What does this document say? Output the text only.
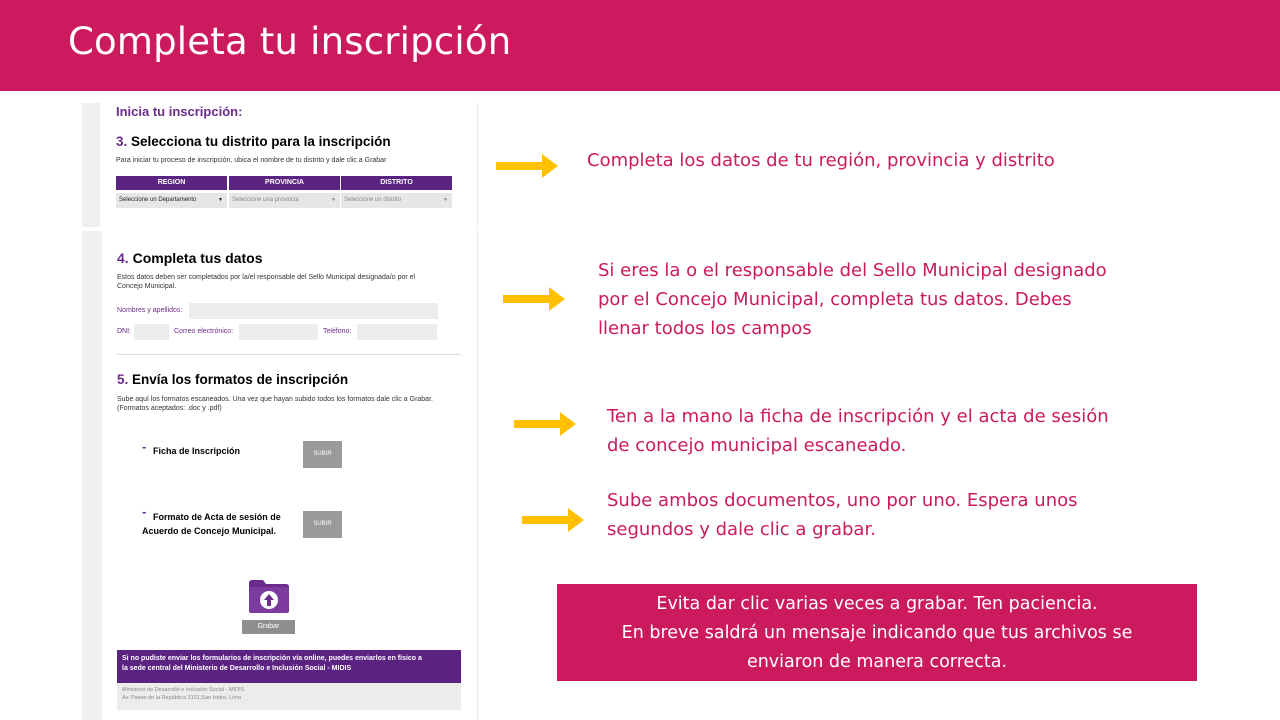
Completa tu inscripción
Inicia tu inscripción:
3. Selecciona tu distrito para la inscripción
Para iniciar tu proceso de inscripción, ubica el nombre de tu distrito y dale clic a Grabar
REGION	PROVINCIA	DISTRITO
Seleccione un Departamento	▼	Seleccione una provincia	▼	Seleccione un distrito	▼
4. Completa tus datos
Estos datos deben ser completados por la/el responsable del Sello Municipal designada/o por el
Concejo Municipal.
Nombres y apellidos:
DNI:	Correo electrónico:	Teléfono:
5. Envía los formatos de inscripción
Sube aquí los formatos escaneados. Una vez que hayan subido todos los formatos dale clic a Grabar.
(Formatos aceptados: .doc y .pdf)
- Ficha de Inscripción	SUBIR
- Formato de Acta de sesión de
Acuerdo de Concejo Municipal.
SUBIR
Grabar
Si no pudiste enviar los formularios de inscripción vía online, puedes enviarlos en físico a
la sede central del Ministerio de Desarrollo e Inclusión Social - MIDIS
Ministerio de Desarrollo e Inclusión Social - MIDIS
Av. Paseo de la República 3101,San Isidro, Lima
Completa los datos de tu región, provincia y distrito
Si eres la o el responsable del Sello Municipal designado
por el Concejo Municipal, completa tus datos. Debes
llenar todos los campos
Ten a la mano la ficha de inscripción y el acta de sesión
de concejo municipal escaneado.
Sube ambos documentos, uno por uno. Espera unos
segundos y dale clic a grabar.
Evita dar clic varias veces a grabar. Ten paciencia.
En breve saldrá un mensaje indicando que tus archivos se
enviaron de manera correcta.
